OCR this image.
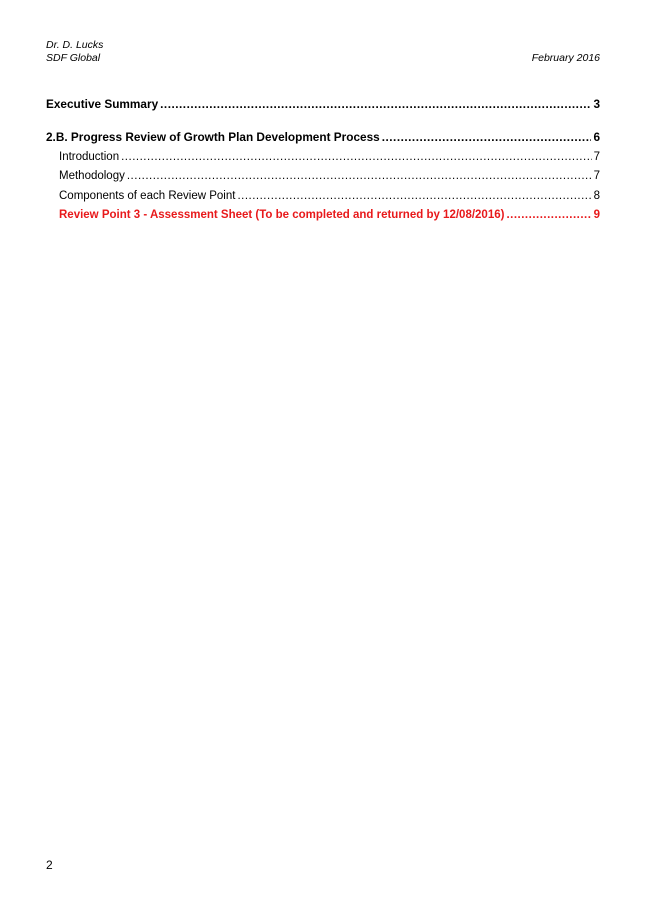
Dr. D. Lucks
SDF Global	February 2016
Executive Summary .....	3
2.B. Progress Review of Growth Plan Development Process .....	6
Introduction .....	7
Methodology .....	7
Components of each Review Point .....	8
Review Point 3 - Assessment Sheet (To be completed and returned by 12/08/2016) .....	9
2
